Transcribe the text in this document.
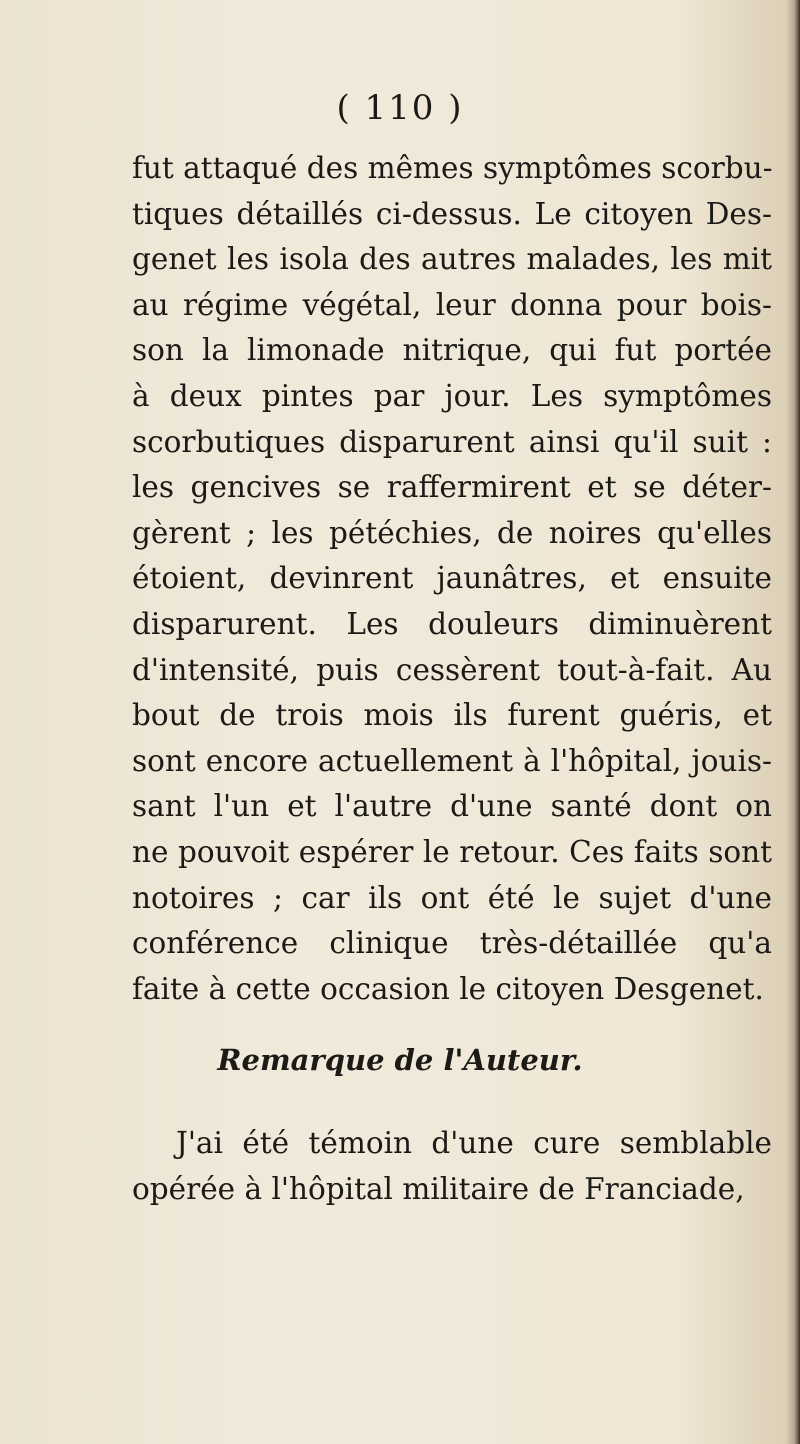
( 110 )
fut attaqué des mêmes symptômes scorbu-
tiques détaillés ci-dessus. Le citoyen Des-
genet les isola des autres malades, les mit
au régime végétal, leur donna pour bois-
son la limonade nitrique, qui fut portée
à deux pintes par jour. Les symptômes
scorbutiques disparurent ainsi qu'il suit :
les gencives se raffermirent et se déter-
gèrent ; les pétéchies, de noires qu'elles
étoient, devinrent jaunâtres, et ensuite
disparurent. Les douleurs diminuèrent
d'intensité, puis cessèrent tout-à-fait. Au
bout de trois mois ils furent guéris, et
sont encore actuellement à l'hôpital, jouis-
sant l'un et l'autre d'une santé dont on
ne pouvoit espérer le retour. Ces faits sont
notoires ; car ils ont été le sujet d'une
conférence clinique très-détaillée qu'a
faite à cette occasion le citoyen Desgenet.
Remarque de l'Auteur.
J'ai été témoin d'une cure semblable
opérée à l'hôpital militaire de Franciade,
